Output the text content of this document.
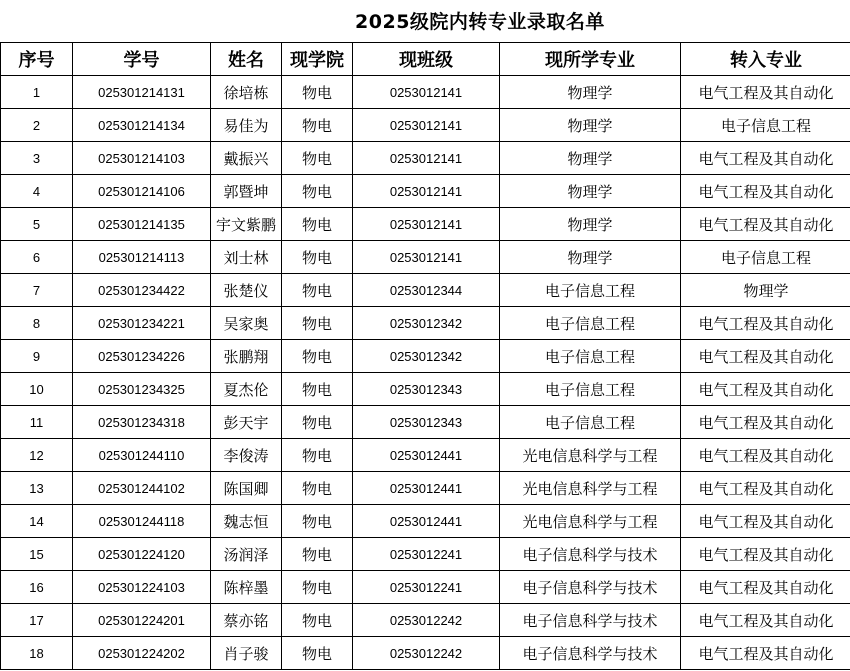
2025级院内转专业录取名单
序号	学号	姓名	现学院	现班级	现所学专业	转入专业
1	025301214131	徐培栋	物电	0253012141	物理学	电气工程及其自动化
2	025301214134	易佳为	物电	0253012141	物理学	电子信息工程
3	025301214103	戴振兴	物电	0253012141	物理学	电气工程及其自动化
4	025301214106	郭暨坤	物电	0253012141	物理学	电气工程及其自动化
5	025301214135	宇文紫鹏	物电	0253012141	物理学	电气工程及其自动化
6	025301214113	刘士林	物电	0253012141	物理学	电子信息工程
7	025301234422	张楚仪	物电	0253012344	电子信息工程	物理学
8	025301234221	吴家奥	物电	0253012342	电子信息工程	电气工程及其自动化
9	025301234226	张鹏翔	物电	0253012342	电子信息工程	电气工程及其自动化
10	025301234325	夏杰伦	物电	0253012343	电子信息工程	电气工程及其自动化
11	025301234318	彭天宇	物电	0253012343	电子信息工程	电气工程及其自动化
12	025301244110	李俊涛	物电	0253012441	光电信息科学与工程	电气工程及其自动化
13	025301244102	陈国卿	物电	0253012441	光电信息科学与工程	电气工程及其自动化
14	025301244118	魏志恒	物电	0253012441	光电信息科学与工程	电气工程及其自动化
15	025301224120	汤润泽	物电	0253012241	电子信息科学与技术	电气工程及其自动化
16	025301224103	陈梓墨	物电	0253012241	电子信息科学与技术	电气工程及其自动化
17	025301224201	蔡亦铭	物电	0253012242	电子信息科学与技术	电气工程及其自动化
18	025301224202	肖子骏	物电	0253012242	电子信息科学与技术	电气工程及其自动化
